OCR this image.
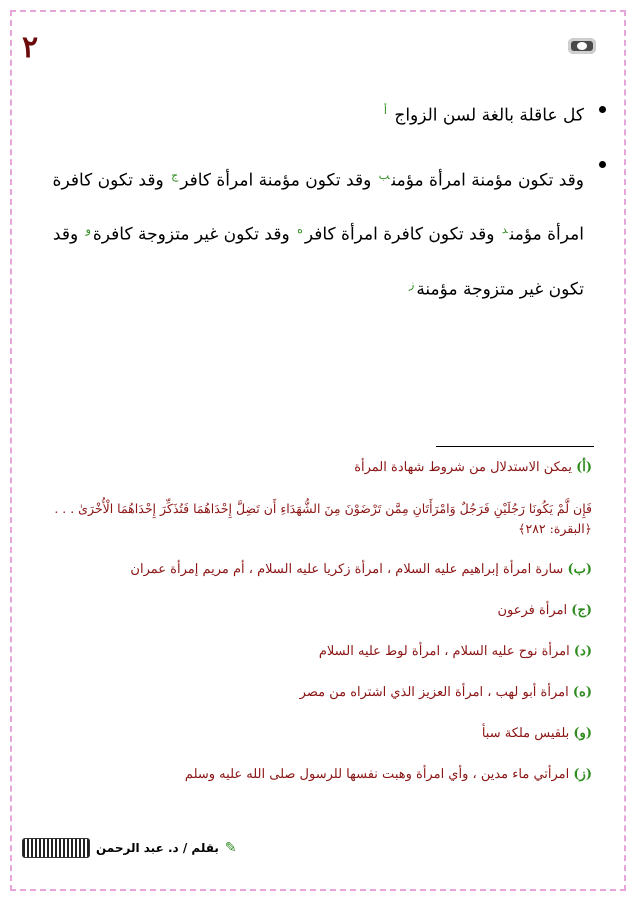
٢
كل عاقلة بالغة لسن الزواج $^أ$
وقد تكون مؤمنة امرأة مؤمن$^ب$ وقد تكون مؤمنة امرأة كافر$^ج$ وقد تكون كافرة امرأة مؤمن$^د$ وقد تكون كافرة امرأة كافر$^ه$ وقد تكون غير متزوجة كافرة$^و$ وقد تكون غير متزوجة مؤمنة$^ز$
(أ) يمكن الاستدلال من شروط شهادة المرأة
فَإِن لَّمْ يَكُونَا رَجُلَيْنِ فَرَجُلٌ وَامْرَأَتَانِ مِمَّن تَرْضَوْنَ مِنَ الشُّهَدَاءِ أَن تَضِلَّ إِحْدَاهُمَا فَتُذَكِّرَ إِحْدَاهُمَا الْأُخْرَىٰ . . . ﴿البقرة: ٢٨٢﴾
(ب) سارة امرأة إبراهيم عليه السلام ، امرأة زكريا عليه السلام ، أم مريم إمرأة عمران
(ج) امرأة فرعون
(د) امرأة نوح عليه السلام ، امرأة لوط عليه السلام
(ه) امرأة أبو لهب ، امرأة العزيز الذي اشتراه من مصر
(و) بلقيس ملكة سبأ
(ز) امرأتي ماء مدين ، وأي امرأة وهبت نفسها للرسول صلى الله عليه وسلم
✎
بقلم / د. عبد الرحمن
